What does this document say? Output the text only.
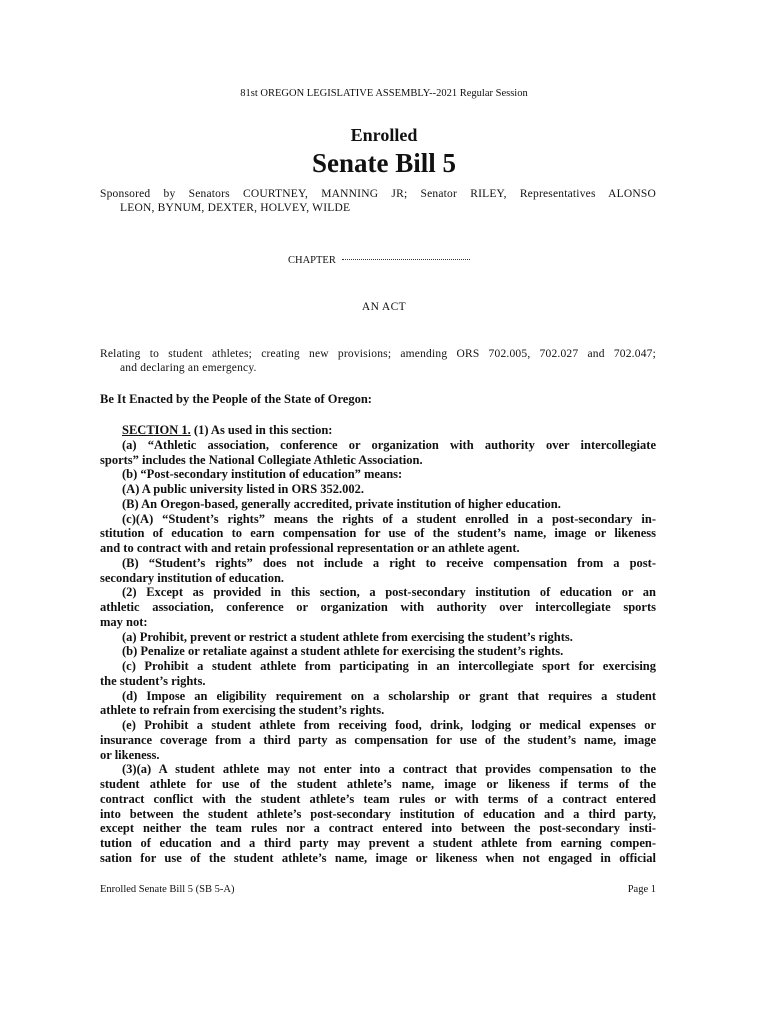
81st OREGON LEGISLATIVE ASSEMBLY--2021 Regular Session
Enrolled
Senate Bill 5
Sponsored by Senators COURTNEY, MANNING JR; Senator RILEY, Representatives ALONSO
LEON, BYNUM, DEXTER, HOLVEY, WILDE
CHAPTER
AN ACT
Relating to student athletes; creating new provisions; amending ORS 702.005, 702.027 and 702.047;
and declaring an emergency.
Be It Enacted by the People of the State of Oregon:
SECTION 1. (1) As used in this section:
(a) “Athletic association, conference or organization with authority over intercollegiate
sports” includes the National Collegiate Athletic Association.
(b) “Post-secondary institution of education” means:
(A) A public university listed in ORS 352.002.
(B) An Oregon-based, generally accredited, private institution of higher education.
(c)(A) “Student’s rights” means the rights of a student enrolled in a post-secondary in-
stitution of education to earn compensation for use of the student’s name, image or likeness
and to contract with and retain professional representation or an athlete agent.
(B) “Student’s rights” does not include a right to receive compensation from a post-
secondary institution of education.
(2) Except as provided in this section, a post-secondary institution of education or an
athletic association, conference or organization with authority over intercollegiate sports
may not:
(a) Prohibit, prevent or restrict a student athlete from exercising the student’s rights.
(b) Penalize or retaliate against a student athlete for exercising the student’s rights.
(c) Prohibit a student athlete from participating in an intercollegiate sport for exercising
the student’s rights.
(d) Impose an eligibility requirement on a scholarship or grant that requires a student
athlete to refrain from exercising the student’s rights.
(e) Prohibit a student athlete from receiving food, drink, lodging or medical expenses or
insurance coverage from a third party as compensation for use of the student’s name, image
or likeness.
(3)(a) A student athlete may not enter into a contract that provides compensation to the
student athlete for use of the student athlete’s name, image or likeness if terms of the
contract conflict with the student athlete’s team rules or with terms of a contract entered
into between the student athlete’s post-secondary institution of education and a third party,
except neither the team rules nor a contract entered into between the post-secondary insti-
tution of education and a third party may prevent a student athlete from earning compen-
sation for use of the student athlete’s name, image or likeness when not engaged in official
Enrolled Senate Bill 5 (SB 5-A)	Page 1
